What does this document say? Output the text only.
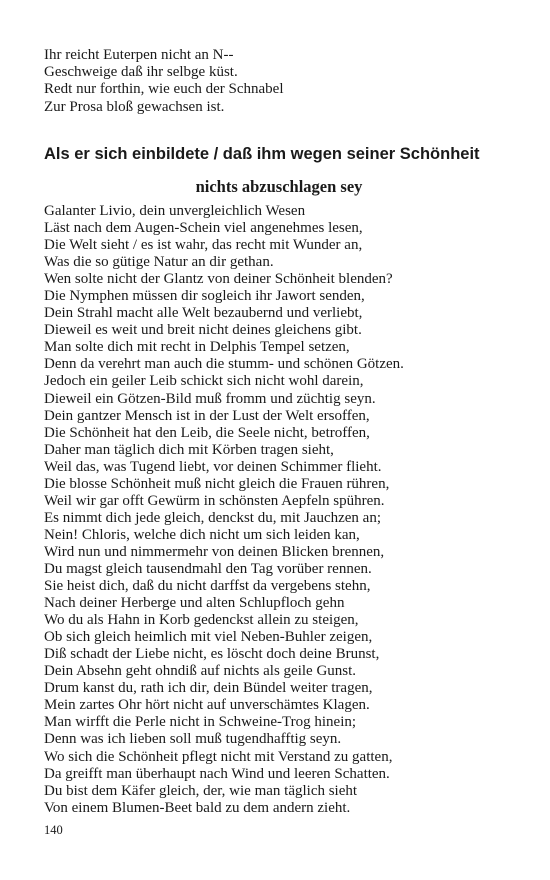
Ihr reicht Euterpen nicht an N--
Geschweige daß ihr selbge küst.
Redt nur forthin, wie euch der Schnabel
Zur Prosa bloß gewachsen ist.
Als er sich einbildete / daß ihm wegen seiner Schönheit
nichts abzuschlagen sey
Galanter Livio, dein unvergleichlich Wesen
Läst nach dem Augen-Schein viel angenehmes lesen,
Die Welt sieht / es ist wahr, das recht mit Wunder an,
Was die so gütige Natur an dir gethan.
Wen solte nicht der Glantz von deiner Schönheit blenden?
Die Nymphen müssen dir sogleich ihr Jawort senden,
Dein Strahl macht alle Welt bezaubernd und verliebt,
Dieweil es weit und breit nicht deines gleichens gibt.
Man solte dich mit recht in Delphis Tempel setzen,
Denn da verehrt man auch die stumm- und schönen Götzen.
Jedoch ein geiler Leib schickt sich nicht wohl darein,
Dieweil ein Götzen-Bild muß fromm und züchtig seyn.
Dein gantzer Mensch ist in der Lust der Welt ersoffen,
Die Schönheit hat den Leib, die Seele nicht, betroffen,
Daher man täglich dich mit Körben tragen sieht,
Weil das, was Tugend liebt, vor deinen Schimmer flieht.
Die blosse Schönheit muß nicht gleich die Frauen rühren,
Weil wir gar offt Gewürm in schönsten Aepfeln spühren.
Es nimmt dich jede gleich, denckst du, mit Jauchzen an;
Nein! Chloris, welche dich nicht um sich leiden kan,
Wird nun und nimmermehr von deinen Blicken brennen,
Du magst gleich tausendmahl den Tag vorüber rennen.
Sie heist dich, daß du nicht darffst da vergebens stehn,
Nach deiner Herberge und alten Schlupfloch gehn
Wo du als Hahn in Korb gedenckst allein zu steigen,
Ob sich gleich heimlich mit viel Neben-Buhler zeigen,
Diß schadt der Liebe nicht, es löscht doch deine Brunst,
Dein Absehn geht ohndiß auf nichts als geile Gunst.
Drum kanst du, rath ich dir, dein Bündel weiter tragen,
Mein zartes Ohr hört nicht auf unverschämtes Klagen.
Man wirfft die Perle nicht in Schweine-Trog hinein;
Denn was ich lieben soll muß tugendhafftig seyn.
Wo sich die Schönheit pflegt nicht mit Verstand zu gatten,
Da greifft man überhaupt nach Wind und leeren Schatten.
Du bist dem Käfer gleich, der, wie man täglich sieht
Von einem Blumen-Beet bald zu dem andern zieht.
140
